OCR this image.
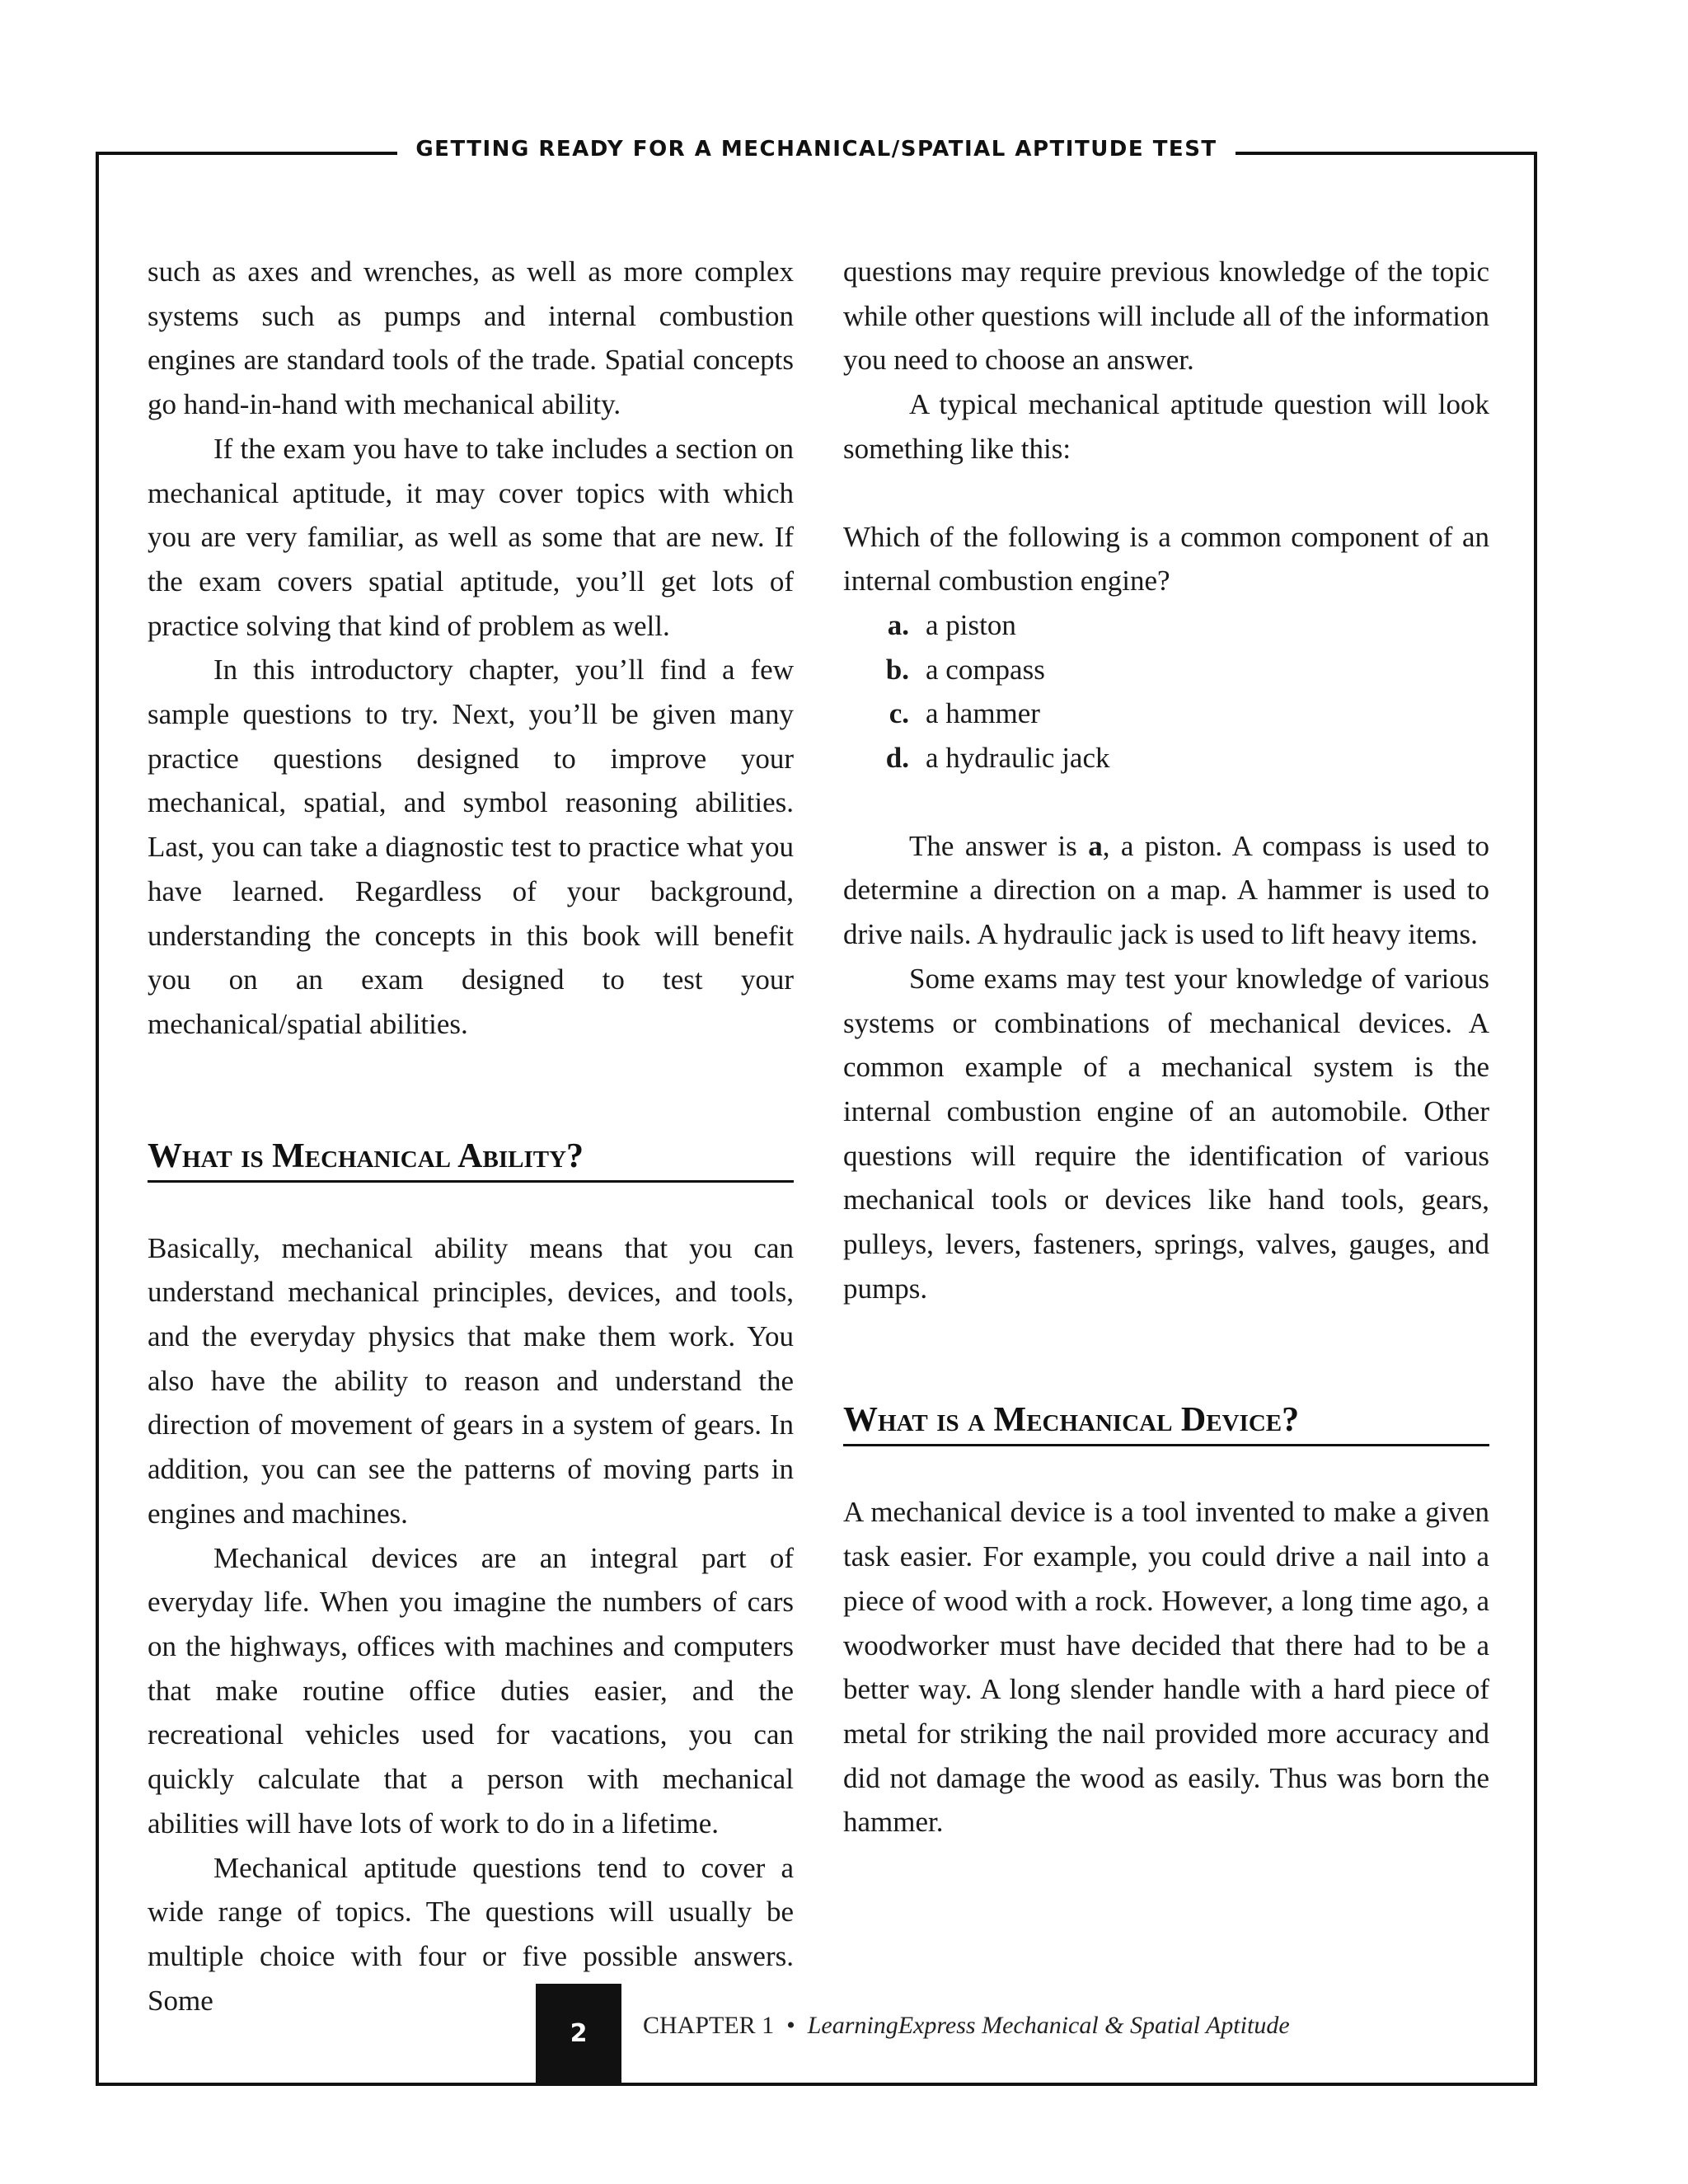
GETTING READY FOR A MECHANICAL/SPATIAL APTITUDE TEST

such as axes and wrenches, as well as more complex systems such as pumps and internal combustion engines are standard tools of the trade. Spatial concepts go hand-in-hand with mechanical ability.

If the exam you have to take includes a section on mechanical aptitude, it may cover topics with which you are very familiar, as well as some that are new. If the exam covers spatial aptitude, you’ll get lots of practice solving that kind of problem as well.

In this introductory chapter, you’ll find a few sample questions to try. Next, you’ll be given many practice questions designed to improve your mechanical, spatial, and symbol reasoning abilities. Last, you can take a diagnostic test to practice what you have learned. Regardless of your background, understanding the concepts in this book will benefit you on an exam designed to test your mechanical/spatial abilities.

What is Mechanical Ability?

Basically, mechanical ability means that you can understand mechanical principles, devices, and tools, and the everyday physics that make them work. You also have the ability to reason and understand the direction of movement of gears in a system of gears. In addition, you can see the patterns of moving parts in engines and machines.

Mechanical devices are an integral part of everyday life. When you imagine the numbers of cars on the highways, offices with machines and computers that make routine office duties easier, and the recreational vehicles used for vacations, you can quickly calculate that a person with mechanical abilities will have lots of work to do in a lifetime.

Mechanical aptitude questions tend to cover a wide range of topics. The questions will usually be multiple choice with four or five possible answers. Some

questions may require previous knowledge of the topic while other questions will include all of the information you need to choose an answer.

A typical mechanical aptitude question will look something like this:

Which of the following is a common component of an internal combustion engine?

a. a piston
b. a compass
c. a hammer
d. a hydraulic jack

The answer is a, a piston. A compass is used to determine a direction on a map. A hammer is used to drive nails. A hydraulic jack is used to lift heavy items.

Some exams may test your knowledge of various systems or combinations of mechanical devices. A common example of a mechanical system is the internal combustion engine of an automobile. Other questions will require the identification of various mechanical tools or devices like hand tools, gears, pulleys, levers, fasteners, springs, valves, gauges, and pumps.

What is a Mechanical Device?

A mechanical device is a tool invented to make a given task easier. For example, you could drive a nail into a piece of wood with a rock. However, a long time ago, a woodworker must have decided that there had to be a better way. A long slender handle with a hard piece of metal for striking the nail provided more accuracy and did not damage the wood as easily. Thus was born the hammer.

2	CHAPTER 1 • LearningExpress Mechanical & Spatial Aptitude
